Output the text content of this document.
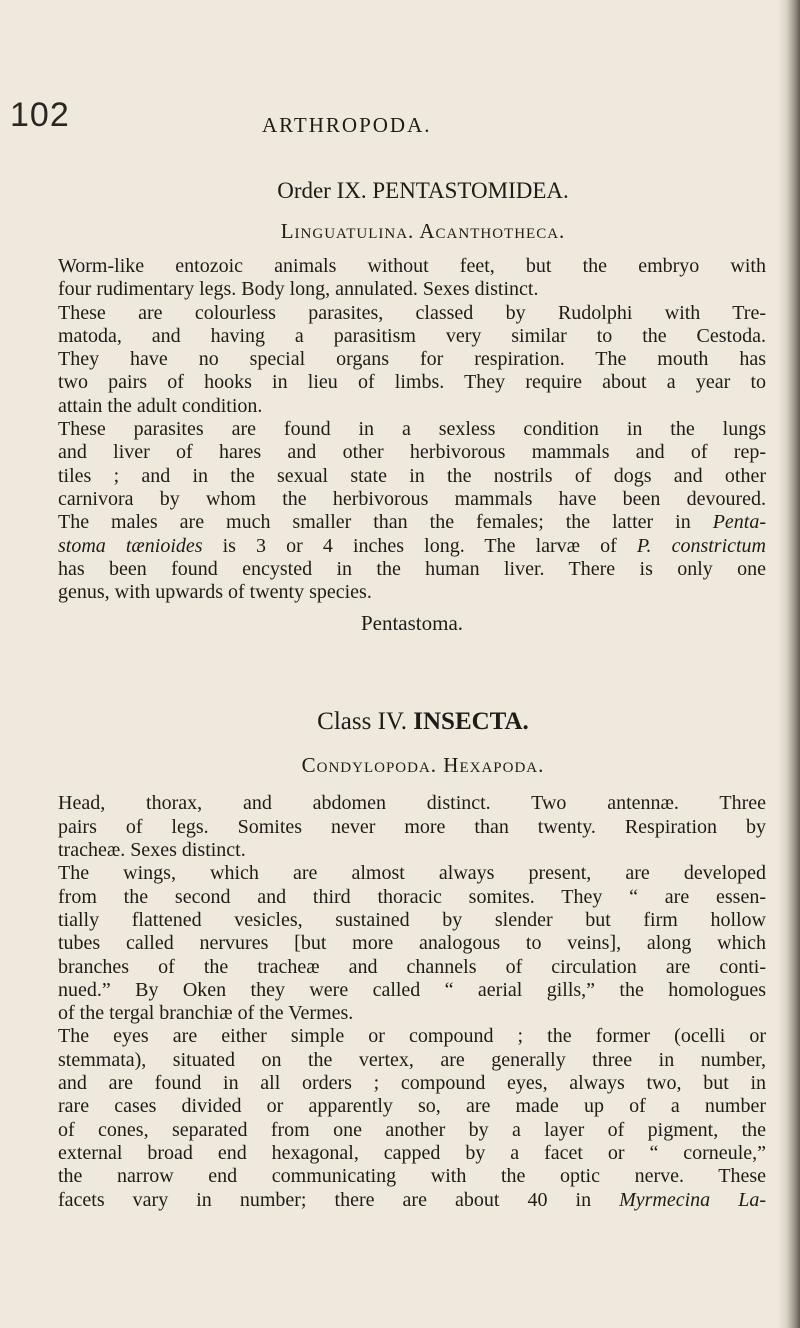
102	ARTHROPODA.
Order IX. PENTASTOMIDEA.
Linguatulina. Acanthotheca.
Worm-like entozoic animals without feet, but the embryo with
four rudimentary legs. Body long, annulated. Sexes distinct.
These are colourless parasites, classed by Rudolphi with Tre-
matoda, and having a parasitism very similar to the Cestoda.
They have no special organs for respiration. The mouth has
two pairs of hooks in lieu of limbs. They require about a year to
attain the adult condition.
These parasites are found in a sexless condition in the lungs
and liver of hares and other herbivorous mammals and of rep-
tiles ; and in the sexual state in the nostrils of dogs and other
carnivora by whom the herbivorous mammals have been devoured.
The males are much smaller than the females; the latter in Penta-
stoma tænioides is 3 or 4 inches long. The larvæ of P. constrictum
has been found encysted in the human liver. There is only one
genus, with upwards of twenty species.
Pentastoma.
Class IV. INSECTA.
Condylopoda. Hexapoda.
Head, thorax, and abdomen distinct. Two antennæ. Three
pairs of legs. Somites never more than twenty. Respiration by
tracheæ. Sexes distinct.
The wings, which are almost always present, are developed
from the second and third thoracic somites. They “ are essen-
tially flattened vesicles, sustained by slender but firm hollow
tubes called nervures [but more analogous to veins], along which
branches of the tracheæ and channels of circulation are conti-
nued.” By Oken they were called “ aerial gills,” the homologues
of the tergal branchiæ of the Vermes.
The eyes are either simple or compound ; the former (ocelli or
stemmata), situated on the vertex, are generally three in number,
and are found in all orders ; compound eyes, always two, but in
rare cases divided or apparently so, are made up of a number
of cones, separated from one another by a layer of pigment, the
external broad end hexagonal, capped by a facet or “ corneule,”
the narrow end communicating with the optic nerve. These
facets vary in number; there are about 40 in Myrmecina La-
